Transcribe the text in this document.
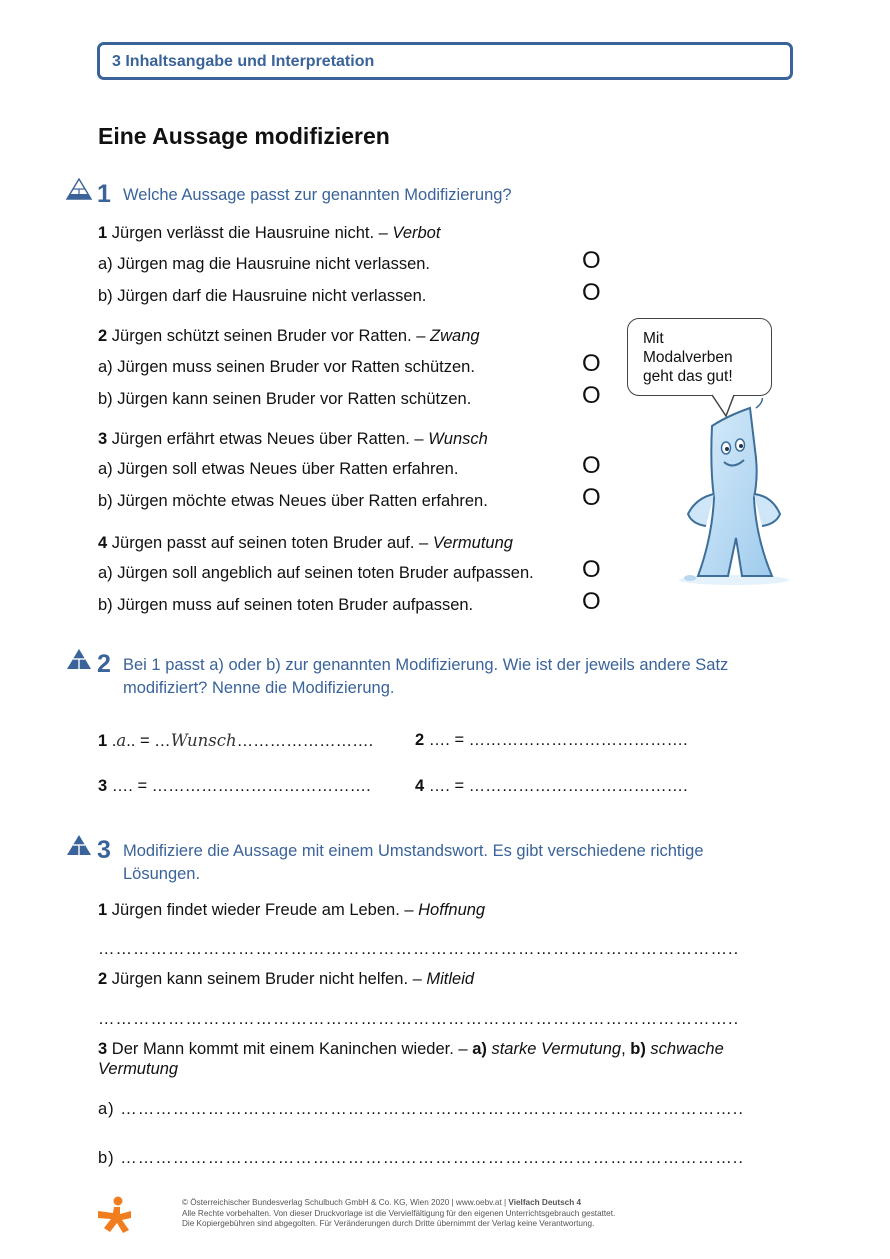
3 Inhaltsangabe und Interpretation
Eine Aussage modifizieren
1 Welche Aussage passt zur genannten Modifizierung?
1 Jürgen verlässt die Hausruine nicht. – Verbot
a) Jürgen mag die Hausruine nicht verlassen.	O
b) Jürgen darf die Hausruine nicht verlassen.	O
2 Jürgen schützt seinen Bruder vor Ratten. – Zwang
a) Jürgen muss seinen Bruder vor Ratten schützen.	O
b) Jürgen kann seinen Bruder vor Ratten schützen.	O
3 Jürgen erfährt etwas Neues über Ratten. – Wunsch
a) Jürgen soll etwas Neues über Ratten erfahren.	O
b) Jürgen möchte etwas Neues über Ratten erfahren.	O
4 Jürgen passt auf seinen toten Bruder auf. – Vermutung
a) Jürgen soll angeblich auf seinen toten Bruder aufpassen. O
b) Jürgen muss auf seinen toten Bruder aufpassen.	O
Mit
Modalverben
geht das gut!
2 Bei 1 passt a) oder b) zur genannten Modifizierung. Wie ist der jeweils andere Satz
modifiziert? Nenne die Modifizierung.
1 .a.. = …Wunsch…………………….	2 …. = ………………………………….
3 …. = ………………………………….	4 …. = ………………………………….
3 Modifiziere die Aussage mit einem Umstandswort. Es gibt verschiedene richtige
Lösungen.
1 Jürgen findet wieder Freude am Leben. – Hoffnung
………………………………………………………………………………………………..
2 Jürgen kann seinem Bruder nicht helfen. – Mitleid
………………………………………………………………………………………………..
3 Der Mann kommt mit einem Kaninchen wieder. – a) starke Vermutung, b) schwache
Vermutung
a) ……………………………………………………………………………………………..
b) ……………………………………………………………………………………………..
© Österreichischer Bundesverlag Schulbuch GmbH & Co. KG, Wien 2020 | www.oebv.at | Vielfach Deutsch 4
Alle Rechte vorbehalten. Von dieser Druckvorlage ist die Vervielfältigung für den eigenen Unterrichtsgebrauch gestattet.
Die Kopiergebühren sind abgegolten. Für Veränderungen durch Dritte übernimmt der Verlag keine Verantwortung.
